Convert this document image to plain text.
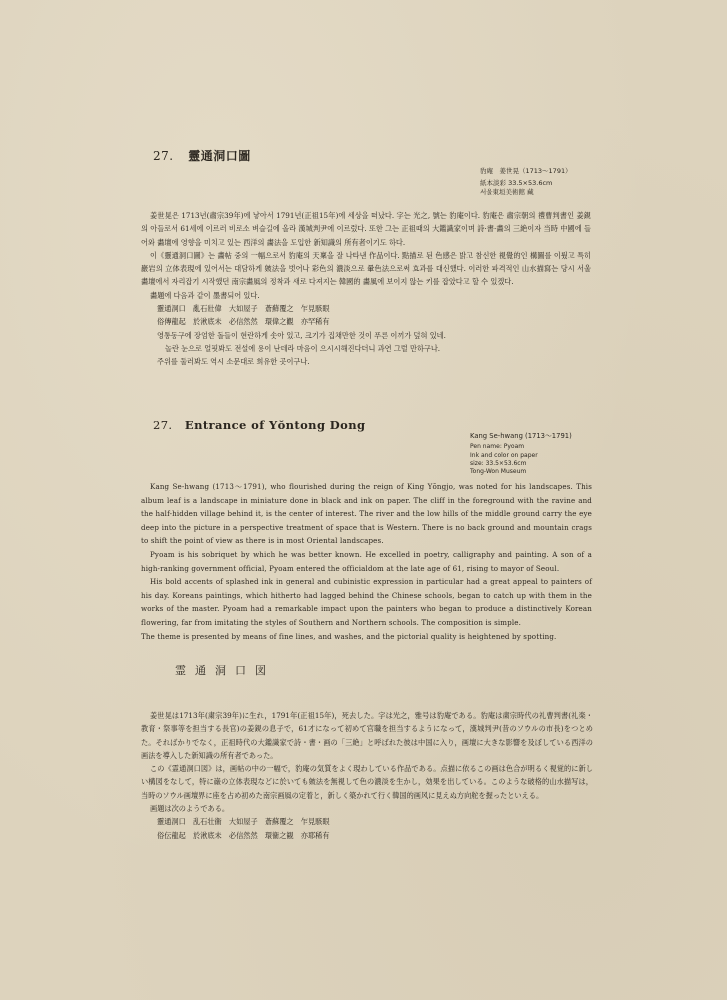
27. 靈通洞口圖
豹庵　姜世晃（1713～1791）
紙本淡彩 33.5×53.6cm
서울東垣美術館 藏

姜世晃은 1713년(肅宗39年)에 낳아서 1791년(正祖15年)에 세상을 떠났다. 字는 光之, 號는 豹庵이다. 豹庵은 肅宗朝의 禮曹判書인 姜鋧의 아들로서 61세에 이르러 비로소 벼슬길에 올라 漢城判尹에 이르렀다. 또한 그는 正祖때의 大鑑識家이며 詩·書·畵의 三絶이자 当時 中國에 들어와 畵壇에 영향을 미치고 있는 西洋의 畵法을 도입한 新知識의 所有者이기도 하다.

이《靈通洞口圖》는 畵帖 중의 一幅으로서 豹庵의 天稟을 잘 나타낸 作品이다. 點描로 된 色感은 밝고 참신한 視覺的인 構圖를 이뤘고 특히 巖岩의 立体表現에 있어서는 대담하게 皴法을 벗어나 彩色의 濃淡으로 暈色法으로써 효과를 대신했다. 이러한 파격적인 山水描寫는 당시 서울 畵壇에서 자리잡기 시작했던 南宗畵風의 정착과 새로 다져지는 韓國的 畵風에 보이지 않는 키를 잡았다고 할 수 있겠다.

畵題에 다음과 같이 墨書되어 있다.

靈通洞口　亂石壯偉　大如屋子　蒼蘚覆之　乍見駭眼

俗傳龍起　於湫底未　必信然然　環偉之觀　亦罕稀有

영통동구에 장엄한 돌들이 현란하게 솟아 있고, 크기가 집채만한 것이 푸른 이끼가 덮혀 있네.

놀란 눈으로 얼핏봐도 전설에 용이 난데라 마음이 으시시해진다더니 과연 그럴 만하구나.

주위를 둘러봐도 역시 소문대로 희유한 곳이구나.

27. Entrance of Yŏntong Dong
Kang Se-hwang (1713～1791)
Pen name: Pyoam
Ink and color on paper
size: 33.5×53.6cm
Tong-Won Museum

Kang Se-hwang (1713～1791), who flourished during the reign of King Yŏngjo, was noted for his landscapes. This album leaf is a landscape in miniature done in black and ink on paper. The cliff in the foreground with the ravine and the half-hidden village behind it, is the center of interest. The river and the low hills of the middle ground carry the eye deep into the picture in a perspective treatment of space that is Western. There is no back ground and mountain crags to shift the point of view as there is in most Oriental landscapes.

Pyoam is his sobriquet by which he was better known. He excelled in poetry, calligraphy and painting. A son of a high-ranking government official, Pyoam entered the officialdom at the late age of 61, rising to mayor of Seoul.

His bold accents of splashed ink in general and cubinistic expression in particular had a great appeal to painters of his day. Koreans paintings, which hitherto had lagged behind the Chinese schools, began to catch up with them in the works of the master. Pyoam had a remarkable impact upon the painters who began to produce a distinctively Korean flowering, far from imitating the styles of Southern and Northern schools. The composition is simple.

The theme is presented by means of fine lines, and washes, and the pictorial quality is heightened by spotting.

霊通洞口図

姜世晃は1713年(粛宗39年)に生れ，1791年(正祖15年)，死去した。字は光之，雅号は豹庵である。豹庵は粛宗時代の礼曹判書(礼楽・教育・祭事等を担当する長官)の姜鋧の息子で，61才になって初めて官職を担当するようになって，漢城判尹(昔のソウルの市長)をつとめた。そればかりでなく，正祖時代の大鑑識家で詩・書・画の「三絶」と呼ばれた彼は中国に入り，画壇に大きな影響を及ぼしている西洋の画法を導入した新知識の所有者であった。

この《霊通洞口図》は，画帖の中の一幅で，豹庵の気質をよく現わしている作品である。点描に依るこの画は色合が明るく視覚的に新しい構図をなして，特に巌の立体表現などに於いても皴法を無視して色の濃淡を生かし，効果を出している。このような破格的山水描写は，当時のソウル画壇界に座を占め初めた南宗画風の定着と，新しく築かれて行く韓国的画风に見えぬ方向舵を握ったといえる。

画題は次のようである。

靈通洞口　乱石壮衞　大如屋子　蒼蘇覆之　乍見駭眼

俗伝龍起　於湫底未　必信然然　環衞之観　亦耶稀有
